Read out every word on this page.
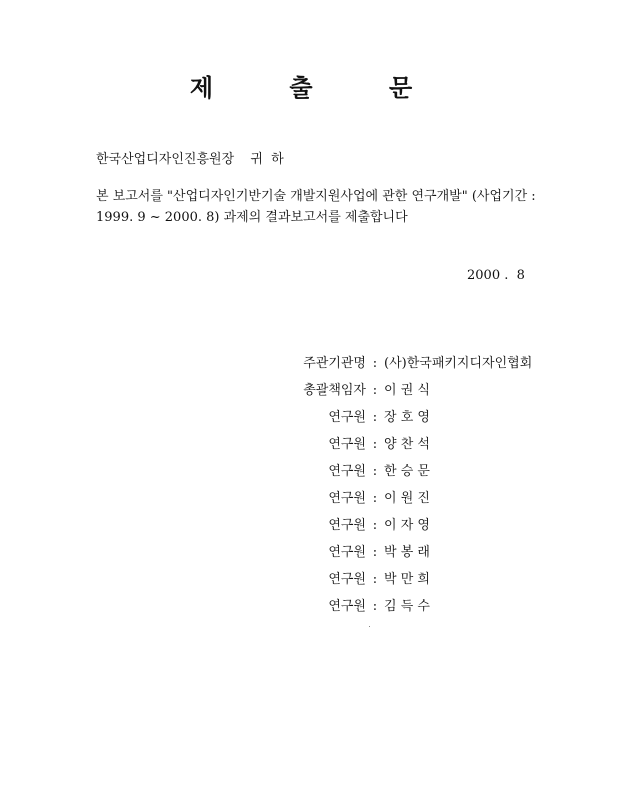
제 출 문
한국산업디자인진흥원장  귀 하
본 보고서를 "산업디자인기반기술 개발지원사업에 관한 연구개발" (사업기간 :
1999. 9 ~ 2000. 8) 과제의 결과보고서를 제출합니다
2000 .  8
주관기관명 : (사)한국패키지디자인협회
총괄책임자 : 이 권 식
연구원 : 장 호 영
연구원 : 양 찬 석
연구원 : 한 승 문
연구원 : 이 원 진
연구원 : 이 자 영
연구원 : 박 봉 래
연구원 : 박 만 희
연구원 : 김 득 수
